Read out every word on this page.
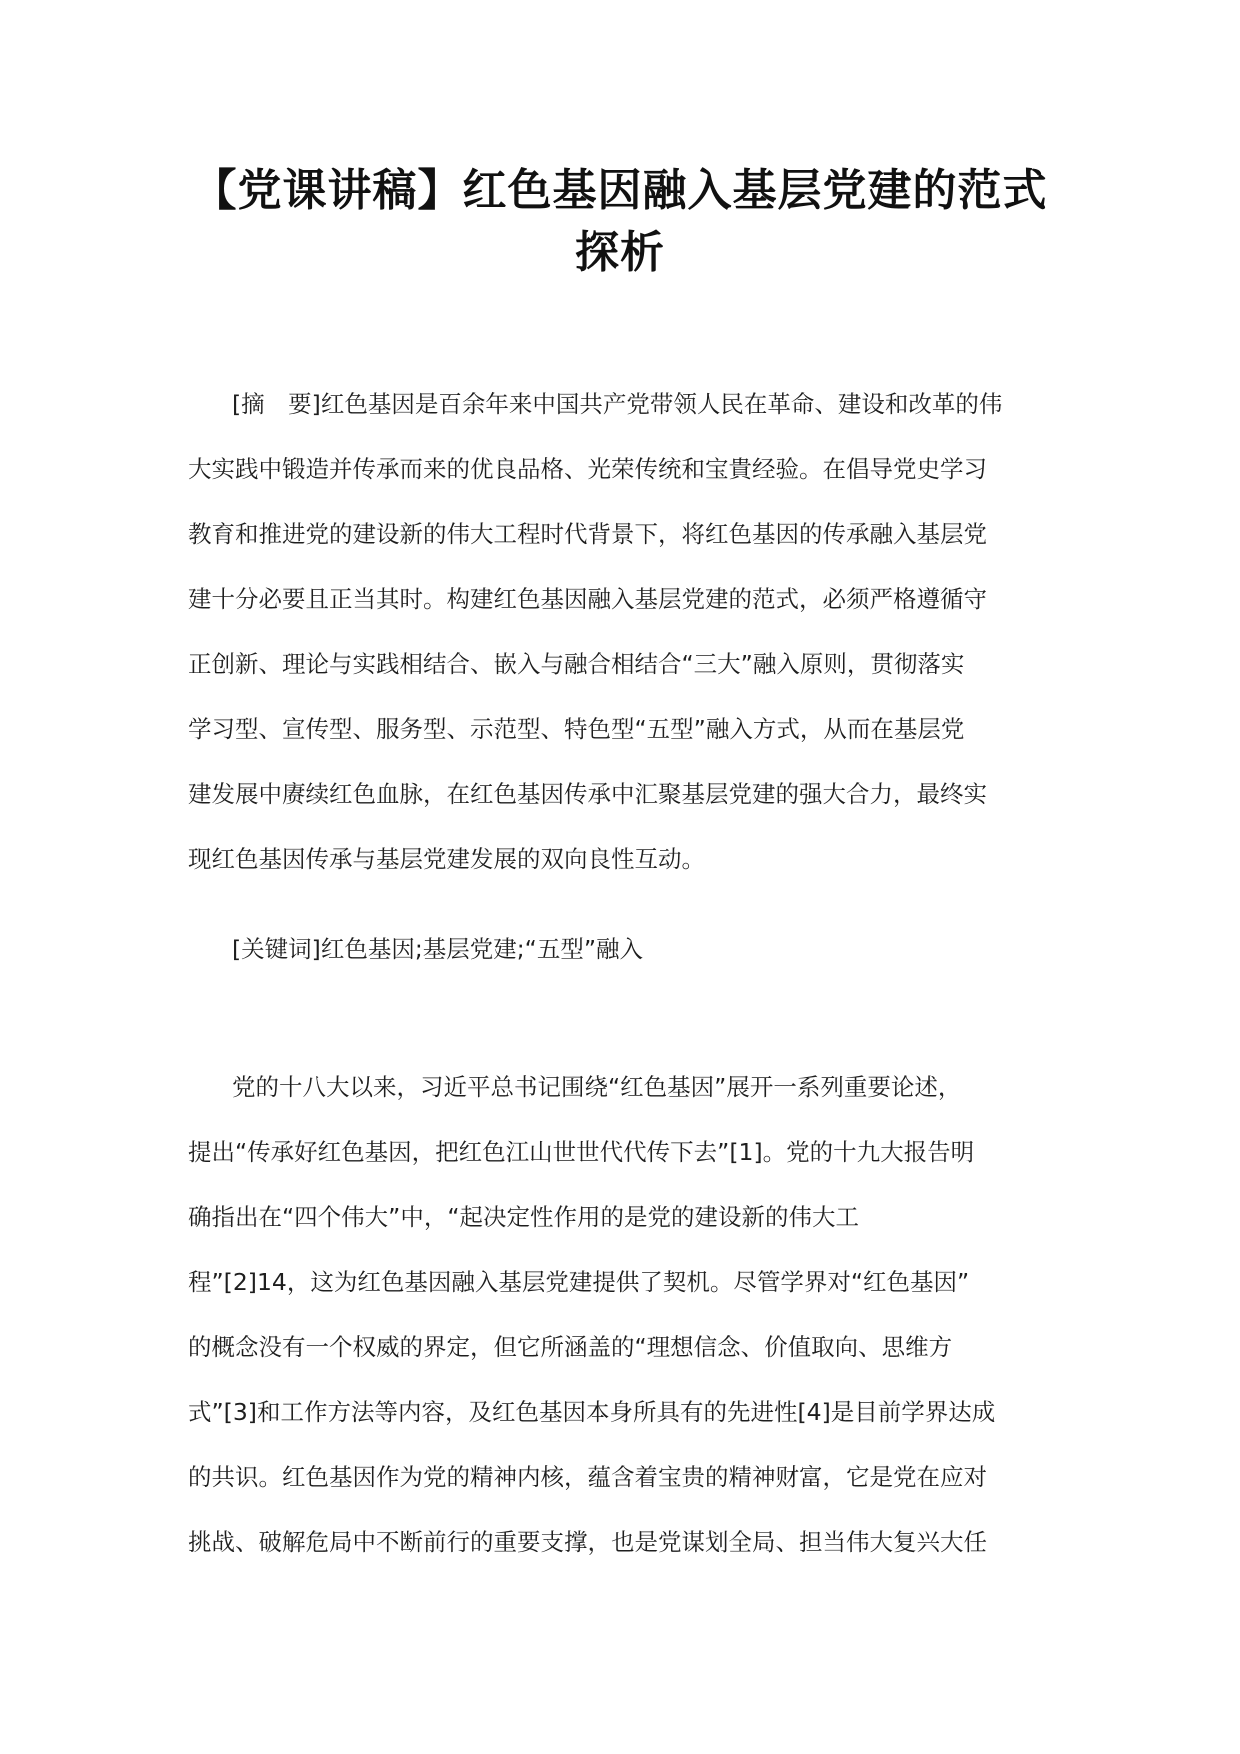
【党课讲稿】红色基因融入基层党建的范式
探析
[摘　要]红色基因是百余年来中国共产党带领人民在革命、建设和改革的伟
大实践中锻造并传承而来的优良品格、光荣传统和宝貴经验。在倡导党史学习
教育和推进党的建设新的伟大工程时代背景下，将红色基因的传承融入基层党
建十分必要且正当其时。构建红色基因融入基层党建的范式，必须严格遵循守
正创新、理论与实践相结合、嵌入与融合相结合“三大”融入原则，贯彻落实
学习型、宣传型、服务型、示范型、特色型“五型”融入方式，从而在基层党
建发展中赓续红色血脉，在红色基因传承中汇聚基层党建的强大合力，最终实
现红色基因传承与基层党建发展的双向良性互动。
[关键词]红色基因;基层党建;“五型”融入
党的十八大以来，习近平总书记围绕“红色基因”展开一系列重要论述，
提出“传承好红色基因，把红色江山世世代代传下去”[1]。党的十九大报告明
确指出在“四个伟大”中，“起决定性作用的是党的建设新的伟大工
程”[2]14，这为红色基因融入基层党建提供了契机。尽管学界对“红色基因”
的概念没有一个权威的界定，但它所涵盖的“理想信念、价值取向、思维方
式”[3]和工作方法等内容，及红色基因本身所具有的先进性[4]是目前学界达成
的共识。红色基因作为党的精神内核，蕴含着宝贵的精神财富，它是党在应对
挑战、破解危局中不断前行的重要支撑，也是党谋划全局、担当伟大复兴大任
